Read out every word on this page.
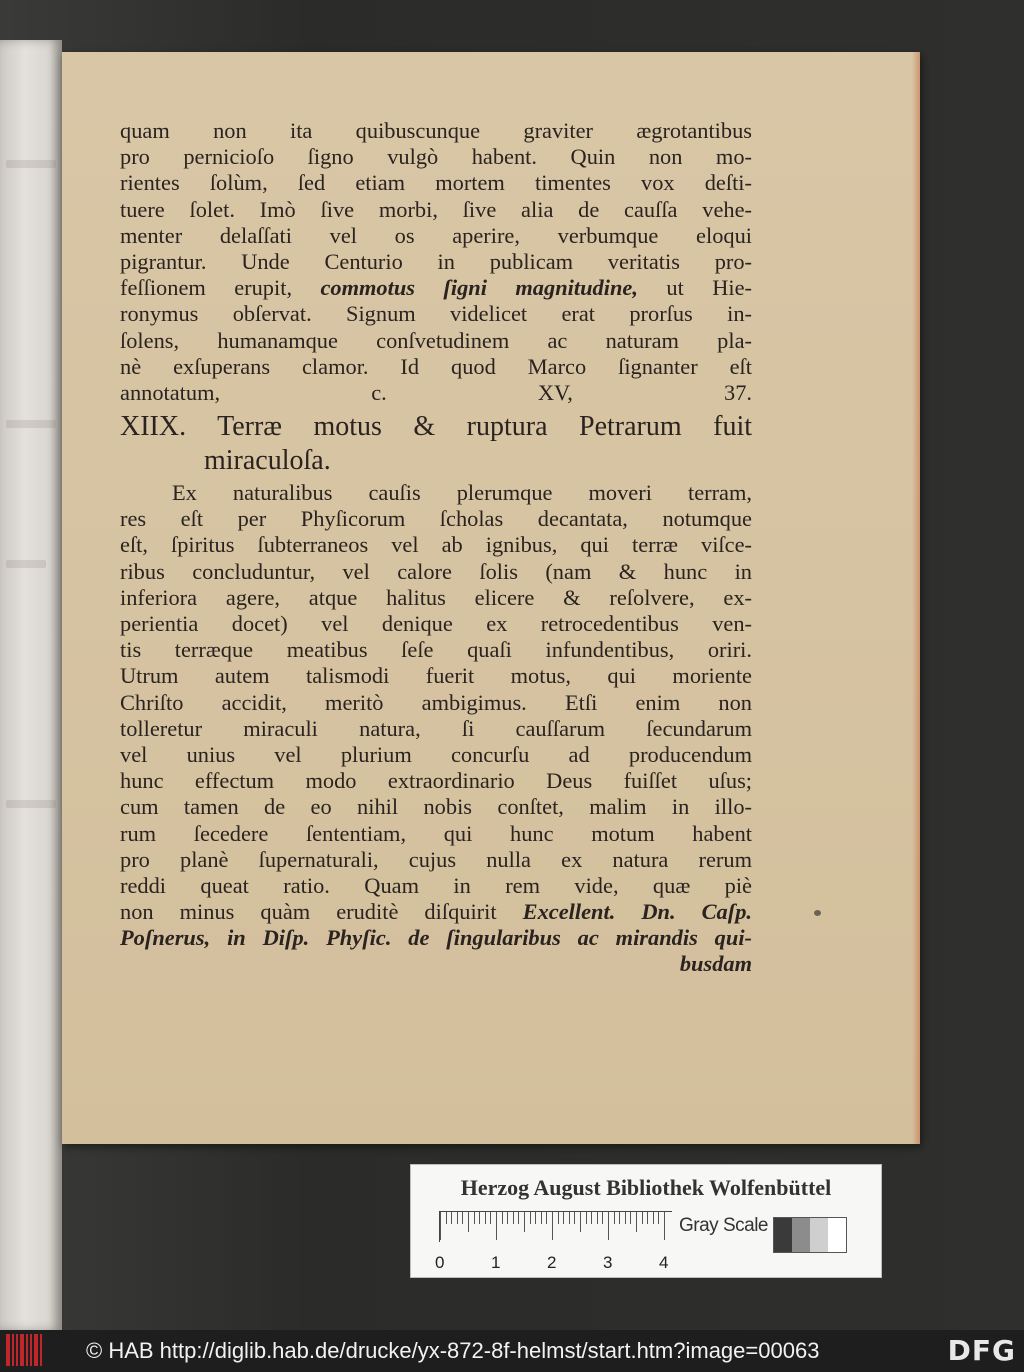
quam non ita quibuscunque graviter ægrotantibus
pro pernicioſo ſigno vulgò habent. Quin non mo-
rientes ſolùm, ſed etiam mortem timentes vox deſti-
tuere ſolet. Imò ſive morbi, ſive alia de cauſſa vehe-
menter delaſſati vel os aperire, verbumque eloqui
pigrantur. Unde Centurio in publicam veritatis pro-
feſſionem erupit, commotus ſigni magnitudine, ut Hie-
ronymus obſervat. Signum videlicet erat prorſus in-
ſolens, humanamque conſvetudinem ac naturam pla-
nè exſuperans clamor. Id quod Marco ſignanter eſt
annotatum, c. XV, 37.
XIIX. Terræ motus & ruptura Petrarum fuit
miraculoſa.
Ex naturalibus cauſis plerumque moveri terram,
res eſt per Phyſicorum ſcholas decantata, notumque
eſt, ſpiritus ſubterraneos vel ab ignibus, qui terræ viſce-
ribus concluduntur, vel calore ſolis (nam & hunc in
inferiora agere, atque halitus elicere & reſolvere, ex-
perientia docet) vel denique ex retrocedentibus ven-
tis terræque meatibus ſeſe quaſi infundentibus, oriri.
Utrum autem talismodi fuerit motus, qui moriente
Chriſto accidit, meritò ambigimus. Etſi enim non
tolleretur miraculi natura, ſi cauſſarum ſecundarum
vel unius vel plurium concurſu ad producendum
hunc effectum modo extraordinario Deus fuiſſet uſus;
cum tamen de eo nihil nobis conſtet, malim in illo-
rum ſecedere ſententiam, qui hunc motum habent
pro planè ſupernaturali, cujus nulla ex natura rerum
reddi queat ratio. Quam in rem vide, quæ piè
non minus quàm eruditè diſquirit Excellent. Dn. Caſp.
Poſnerus, in Diſp. Phyſic. de ſingularibus ac mirandis qui-
busdam
Herzog August Bibliothek Wolfenbüttel
0	1	2	3	4
Gray Scale
© HAB http://diglib.hab.de/drucke/yx-872-8f-helmst/start.htm?image=00063	DFG
